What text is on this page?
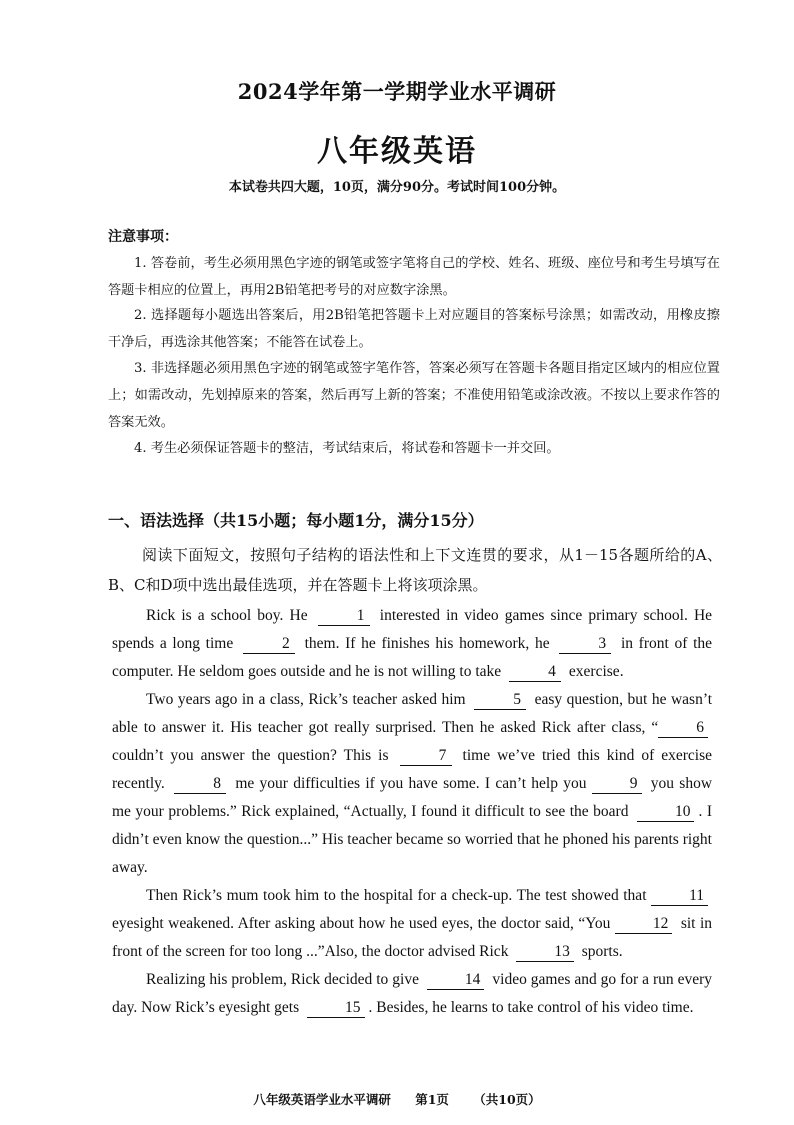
2024学年第一学期学业水平调研
八年级英语
本试卷共四大题，10页，满分90分。考试时间100分钟。
注意事项：
1. 答卷前，考生必须用黑色字迹的钢笔或签字笔将自己的学校、姓名、班级、座位号和考生号填写在答题卡相应的位置上，再用2B铅笔把考号的对应数字涂黑。
2. 选择题每小题选出答案后，用2B铅笔把答题卡上对应题目的答案标号涂黑；如需改动，用橡皮擦干净后，再选涂其他答案；不能答在试卷上。
3. 非选择题必须用黑色字迹的钢笔或签字笔作答，答案必须写在答题卡各题目指定区域内的相应位置上；如需改动，先划掉原来的答案，然后再写上新的答案；不准使用铅笔或涂改液。不按以上要求作答的答案无效。
4. 考生必须保证答题卡的整洁，考试结束后，将试卷和答题卡一并交回。
一、语法选择（共15小题；每小题1分，满分15分）
阅读下面短文，按照句子结构的语法性和上下文连贯的要求，从1－15各题所给的A、B、C和D项中选出最佳选项，并在答题卡上将该项涂黑。

Rick is a school boy. He	1 interested in video games since primary school. He spends a long time	2 them. If he finishes his homework, he	3 in front of the computer. He seldom goes outside and he is not willing to take	4 exercise.

Two years ago in a class, Rick’s teacher asked him	5 easy question, but he wasn’t able to answer it. His teacher got really surprised. Then he asked Rick after class, “ 6 couldn’t you answer the question? This is	7 time we’ve tried this kind of exercise recently.	8 me your difficulties if you have some. I can’t help you	9 you show me your problems.” Rick explained, “Actually, I found it difficult to see the board	10 . I didn’t even know the question...” His teacher became so worried that he phoned his parents right away.

Then Rick’s mum took him to the hospital for a check-up. The test showed that	11 eyesight weakened. After asking about how he used eyes, the doctor said, “You	12 sit in front of the screen for too long ...”Also, the doctor advised Rick	13 sports.

Realizing his problem, Rick decided to give	14 video games and go for a run every day. Now Rick’s eyesight gets	15 . Besides, he learns to take control of his video time.

八年级英语学业水平调研 第1页 （共10页）
